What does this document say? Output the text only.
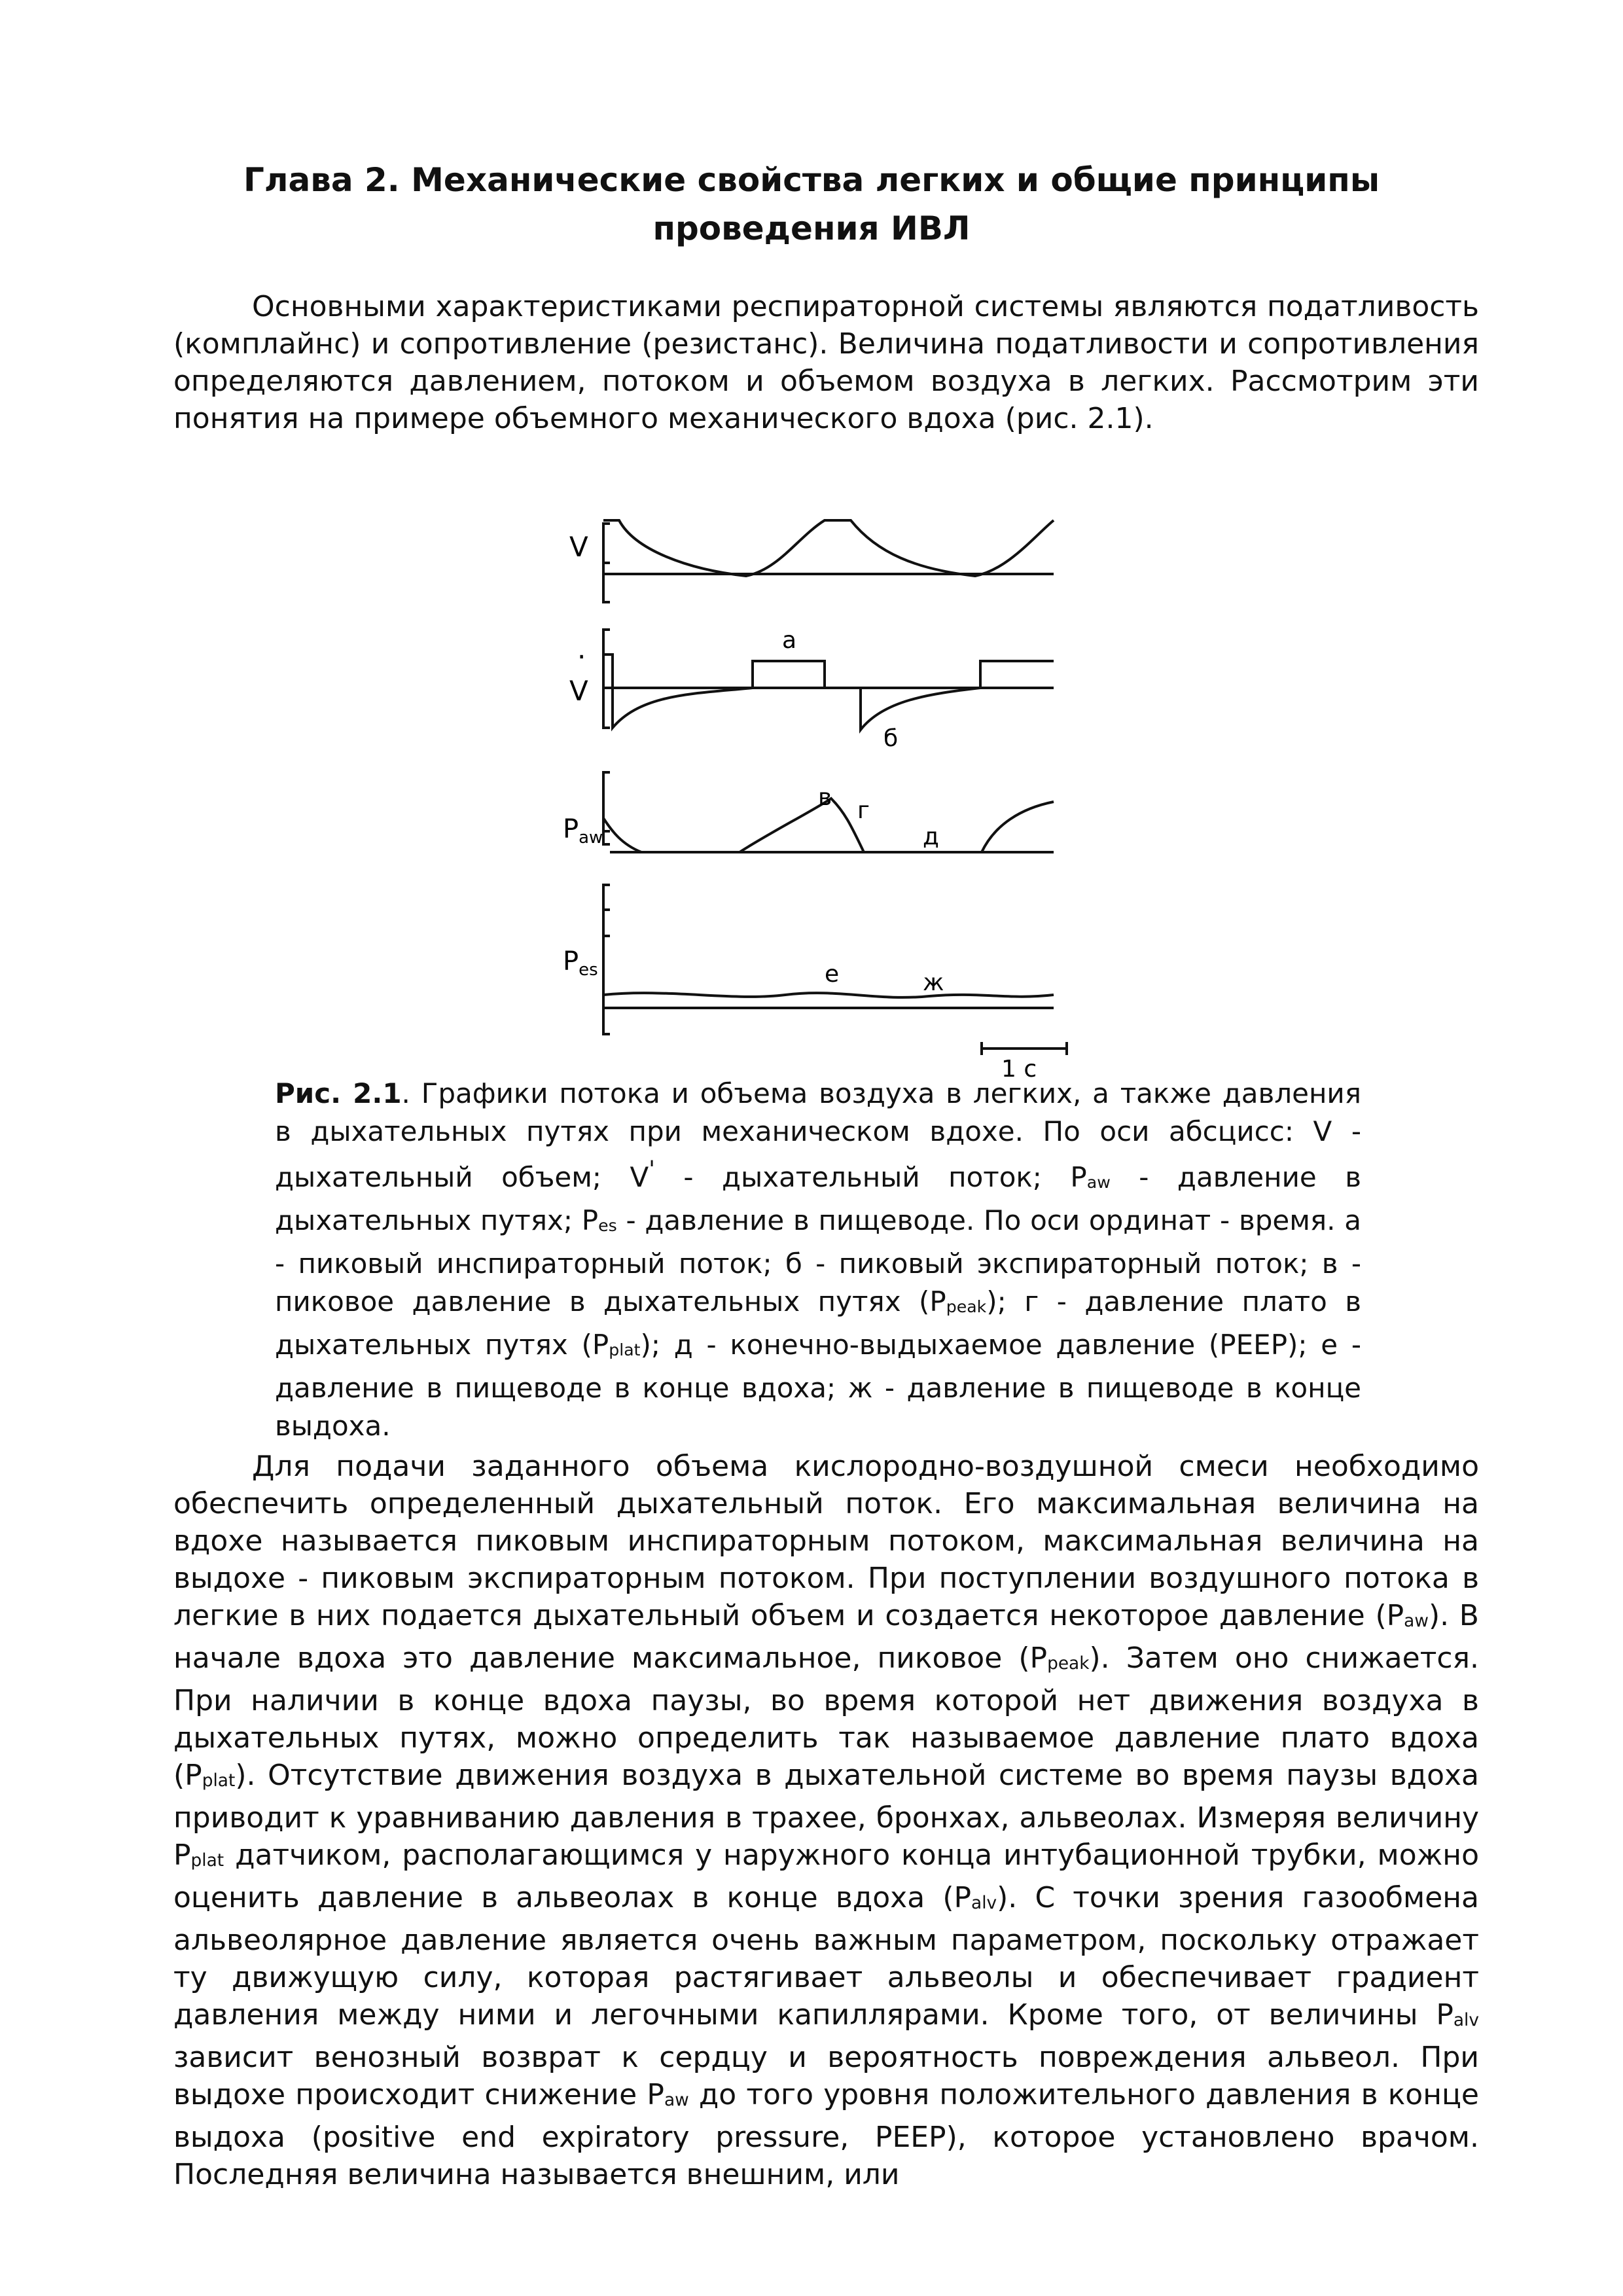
Глава 2. Механические свойства легких и общие принципы
проведения ИВЛ

Основными характеристиками респираторной системы являются податливость (комплайнс) и сопротивление (резистанс). Величина податливости и сопротивления определяются давлением, потоком и объемом воздуха в легких. Рассмотрим эти понятия на примере объемного механического вдоха (рис. 2.1).

V
·
V
$P_{aw}$
$P_{es}$
а
б
в г
д
е	ж
1 с

Рис. 2.1. Графики потока и объема воздуха в легких, а также давления в дыхательных путях при механическом вдохе. По оси абсцисс: V - дыхательный объем; V' - дыхательный поток; $P_{aw}$ - давление в дыхательных путях; $P_{es}$ - давление в пищеводе. По оси ординат - время. а - пиковый инспираторный поток; б - пиковый экспираторный поток; в - пиковое давление в дыхательных путях $(P_{peak})$; г - давление плато в дыхательных путях $(P_{plat})$; д - конечно-выдыхаемое давление (PEEP); е - давление в пищеводе в конце вдоха; ж - давление в пищеводе в конце выдоха.

Для подачи заданного объема кислородно-воздушной смеси необходимо обеспечить определенный дыхательный поток. Его максимальная величина на вдохе называется пиковым инспираторным потоком, максимальная величина на выдохе - пиковым экспираторным потоком. При поступлении воздушного потока в легкие в них подается дыхательный объем и создается некоторое давление $(P_{aw})$. В начале вдоха это давление максимальное, пиковое $(P_{peak})$. Затем оно снижается. При наличии в конце вдоха паузы, во время которой нет движения воздуха в дыхательных путях, можно определить так называемое давление плато вдоха $(P_{plat})$. Отсутствие движения воздуха в дыхательной системе во время паузы вдоха приводит к уравниванию давления в трахее, бронхах, альвеолах. Измеряя величину $P_{plat}$ датчиком, располагающимся у наружного конца интубационной трубки, можно оценить давление в альвеолах в конце вдоха $(P_{alv})$. С точки зрения газообмена альвеолярное давление является очень важным параметром, поскольку отражает ту движущую силу, которая растягивает альвеолы и обеспечивает градиент давления между ними и легочными капиллярами. Кроме того, от величины $P_{alv}$ зависит венозный возврат к сердцу и вероятность повреждения альвеол. При выдохе происходит снижение $P_{aw}$ до того уровня положительного давления в конце выдоха (positive end expiratory pressure, PEEP), которое установлено врачом. Последняя величина называется внешним, или
